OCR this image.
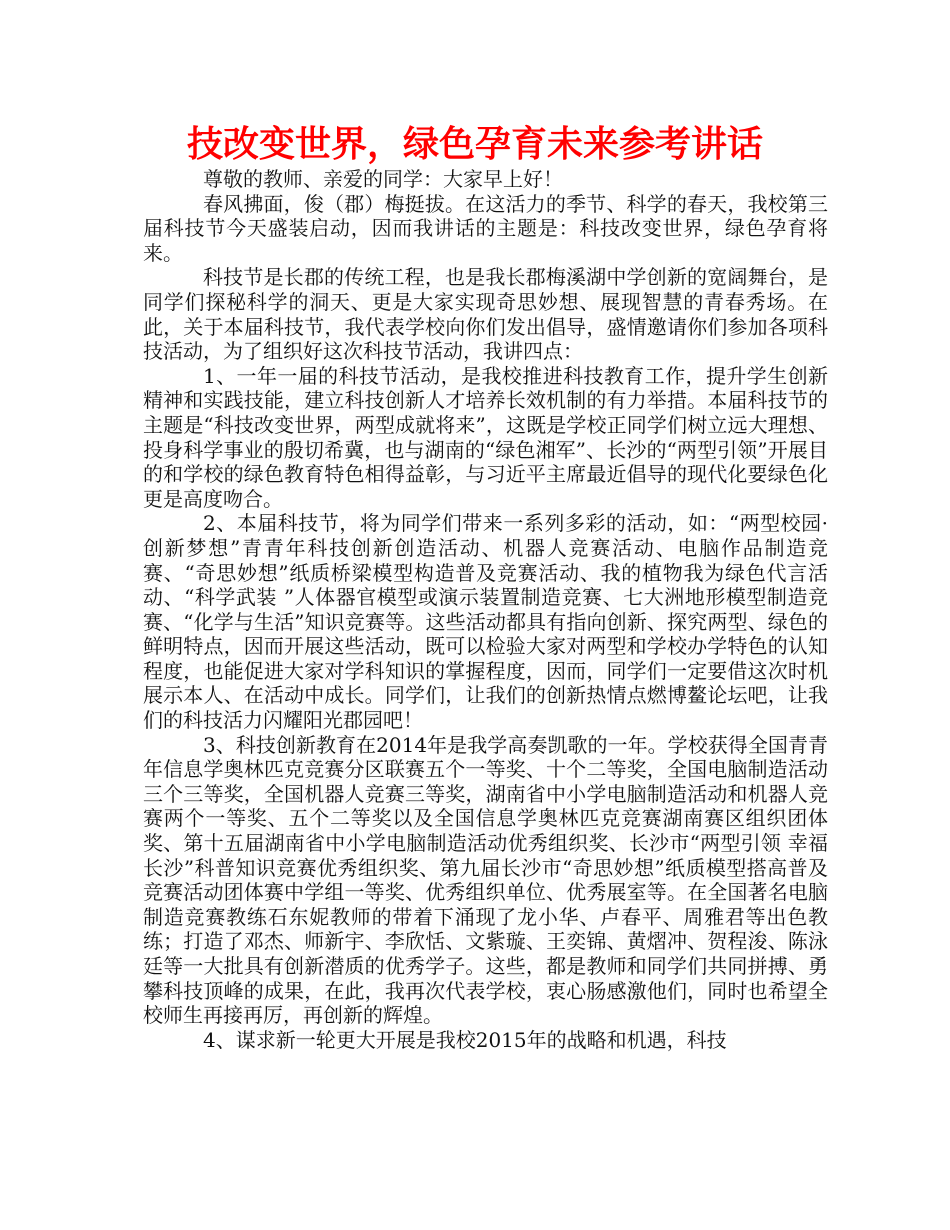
技改变世界，绿色孕育未来参考讲话

尊敬的教师、亲爱的同学：大家早上好！

春风拂面，俊（郡）梅挺拔。在这活力的季节、科学的春天，我校第三届科技节今天盛装启动，因而我讲话的主题是：科技改变世界，绿色孕育将来。

科技节是长郡的传统工程，也是我长郡梅溪湖中学创新的宽阔舞台，是同学们探秘科学的洞天、更是大家实现奇思妙想、展现智慧的青春秀场。在此，关于本届科技节，我代表学校向你们发出倡导，盛情邀请你们参加各项科技活动，为了组织好这次科技节活动，我讲四点：

1、一年一届的科技节活动，是我校推进科技教育工作，提升学生创新精神和实践技能，建立科技创新人才培养长效机制的有力举措。本届科技节的主题是“科技改变世界，两型成就将来”，这既是学校正同学们树立远大理想、投身科学事业的殷切希冀，也与湖南的“绿色湘军”、长沙的“两型引领”开展目的和学校的绿色教育特色相得益彰，与习近平主席最近倡导的现代化要绿色化更是高度吻合。

2、本届科技节，将为同学们带来一系列多彩的活动，如：“两型校园·创新梦想”青青年科技创新创造活动、机器人竞赛活动、电脑作品制造竞赛、“奇思妙想”纸质桥梁模型构造普及竞赛活动、我的植物我为绿色代言活动、“科学武装 ”人体器官模型或演示装置制造竞赛、七大洲地形模型制造竞赛、“化学与生活”知识竞赛等。这些活动都具有指向创新、探究两型、绿色的鲜明特点，因而开展这些活动，既可以检验大家对两型和学校办学特色的认知程度，也能促进大家对学科知识的掌握程度，因而，同学们一定要借这次时机展示本人、在活动中成长。同学们，让我们的创新热情点燃博鳌论坛吧，让我们的科技活力闪耀阳光郡园吧！

3、科技创新教育在2014年是我学高奏凯歌的一年。学校获得全国青青年信息学奥林匹克竞赛分区联赛五个一等奖、十个二等奖，全国电脑制造活动三个三等奖，全国机器人竞赛三等奖，湖南省中小学电脑制造活动和机器人竞赛两个一等奖、五个二等奖以及全国信息学奥林匹克竞赛湖南赛区组织团体奖、第十五届湖南省中小学电脑制造活动优秀组织奖、长沙市“两型引领 幸福长沙”科普知识竞赛优秀组织奖、第九届长沙市“奇思妙想”纸质模型搭高普及竞赛活动团体赛中学组一等奖、优秀组织单位、优秀展室等。在全国著名电脑制造竞赛教练石东妮教师的带着下涌现了龙小华、卢春平、周雅君等出色教练；打造了邓杰、师新宇、李欣恬、文紫璇、王奕锦、黄熠冲、贺程浚、陈泳廷等一大批具有创新潜质的优秀学子。这些，都是教师和同学们共同拼搏、勇攀科技顶峰的成果，在此，我再次代表学校，衷心肠感激他们，同时也希望全校师生再接再厉，再创新的辉煌。

4、谋求新一轮更大开展是我校2015年的战略和机遇，科技
